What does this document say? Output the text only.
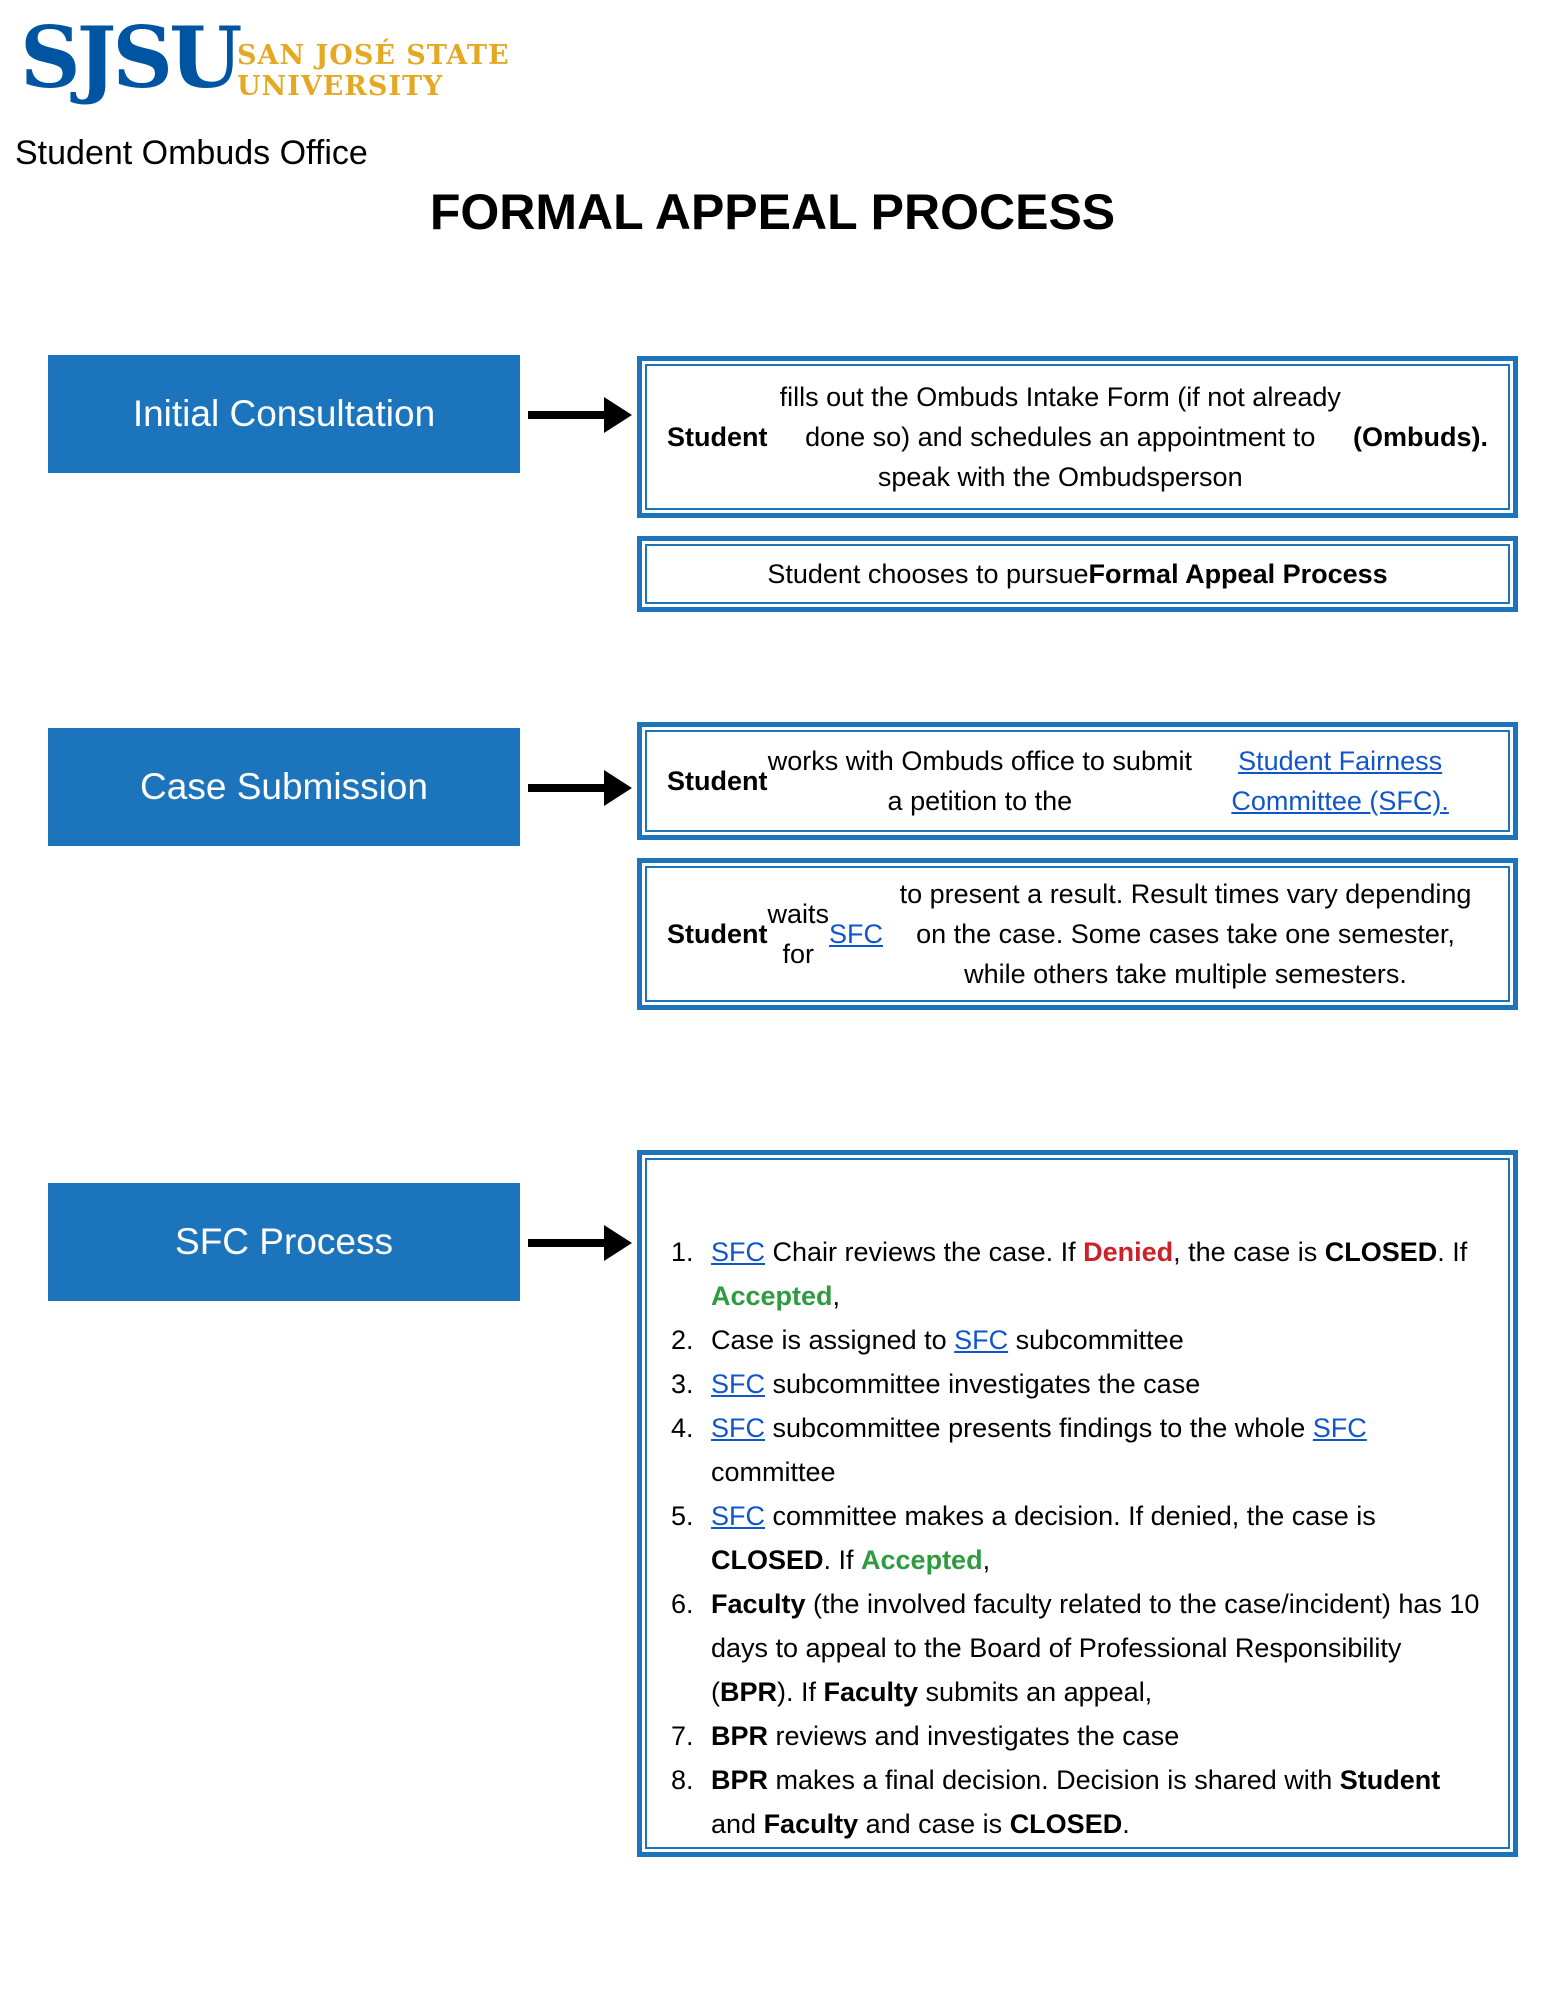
SJSU
SAN JOSÉ STATE
UNIVERSITY
Student Ombuds Office
FORMAL APPEAL PROCESS
Initial Consultation
Student
fills out the Ombuds Intake Form (if not already done so) and schedules an appointment to speak with the Ombudsperson
(Ombuds).
Student chooses to pursue Formal Appeal Process
Case Submission	Student
works with Ombuds office to submit a petition to the
Student Fairness Committee (SFC).
Student
waits for
SFC
to present a result. Result times vary depending on the case. Some cases take one semester, while others take multiple semesters.
SFC Process	1. SFC Chair reviews the case. If Denied, the case is CLOSED. If Accepted,
2. Case is assigned to SFC subcommittee
3. SFC subcommittee investigates the case
4. SFC subcommittee presents findings to the whole SFC committee
5. SFC committee makes a decision. If denied, the case is CLOSED. If Accepted,
6. Faculty (the involved faculty related to the case/incident) has 10 days to appeal to the Board of Professional Responsibility (BPR). If Faculty submits an appeal,
7. BPR reviews and investigates the case
8. BPR makes a final decision. Decision is shared with Student and Faculty and case is CLOSED.
